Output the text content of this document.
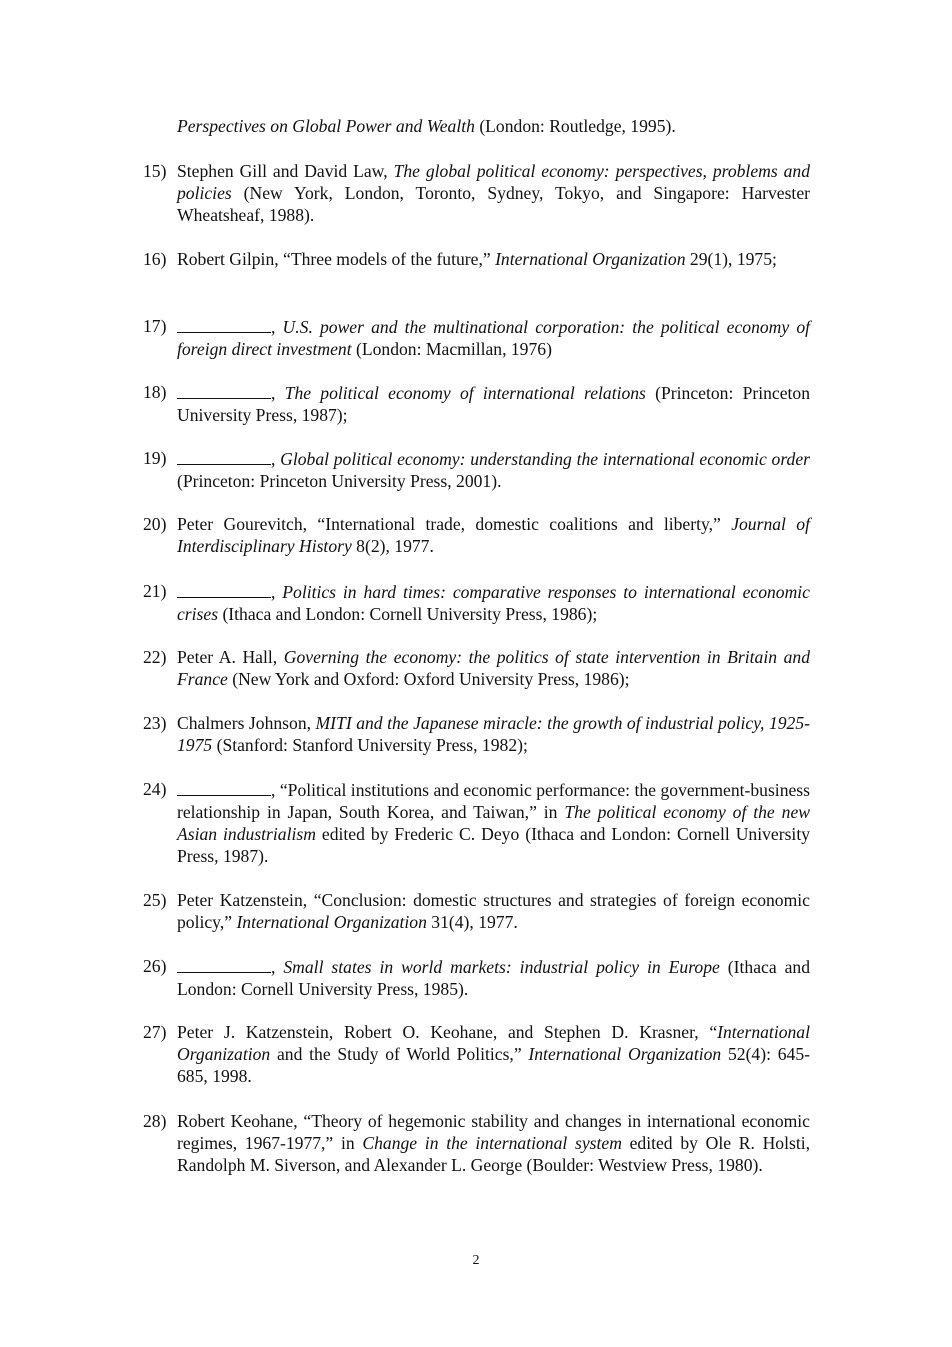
Perspectives on Global Power and Wealth (London: Routledge, 1995).
15) Stephen Gill and David Law, The global political economy: perspectives, problems and policies (New York, London, Toronto, Sydney, Tokyo, and Singapore: Harvester Wheatsheaf, 1988).
16) Robert Gilpin, “Three models of the future,” International Organization 29(1), 1975;
17)	, U.S. power and the multinational corporation: the political economy of foreign direct investment (London: Macmillan, 1976)
18)	, The political economy of international relations (Princeton: Princeton University Press, 1987);
19)	, Global political economy: understanding the international economic order (Princeton: Princeton University Press, 2001).
20) Peter Gourevitch, “International trade, domestic coalitions and liberty,” Journal of Interdisciplinary History 8(2), 1977.
21)	, Politics in hard times: comparative responses to international economic crises (Ithaca and London: Cornell University Press, 1986);
22) Peter A. Hall, Governing the economy: the politics of state intervention in Britain and France (New York and Oxford: Oxford University Press, 1986);
23) Chalmers Johnson, MITI and the Japanese miracle: the growth of industrial policy, 1925-1975 (Stanford: Stanford University Press, 1982);
24)	, “Political institutions and economic performance: the government-business relationship in Japan, South Korea, and Taiwan,” in The political economy of the new Asian industrialism edited by Frederic C. Deyo (Ithaca and London: Cornell University Press, 1987).
25) Peter Katzenstein, “Conclusion: domestic structures and strategies of foreign economic policy,” International Organization 31(4), 1977.
26)	, Small states in world markets: industrial policy in Europe (Ithaca and London: Cornell University Press, 1985).
27) Peter J. Katzenstein, Robert O. Keohane, and Stephen D. Krasner, “International Organization and the Study of World Politics,” International Organization 52(4): 645-685, 1998.
28) Robert Keohane, “Theory of hegemonic stability and changes in international economic regimes, 1967-1977,” in Change in the international system edited by Ole R. Holsti, Randolph M. Siverson, and Alexander L. George (Boulder: Westview Press, 1980).
2
